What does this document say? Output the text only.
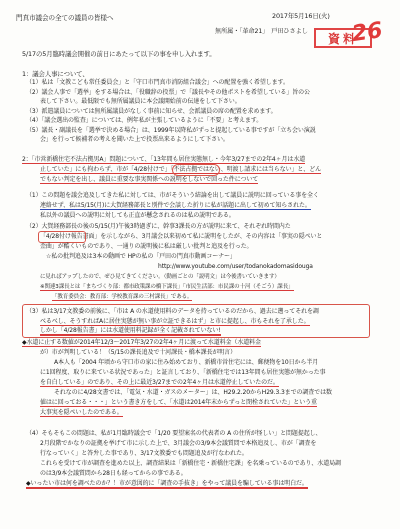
門真市議会の全ての議員の皆様へ	2017年5月16日(火)
無所属・「革命21」　戸田ひさよし
資料
26
5/17の5月臨時議会開催の前日にあたって以下の事を申し入れます。
1：議会人事について、
（1）私は「文教こども常任委員会」と「守口市門真市消防組合議会」への配置を強く希望します。
（2）議会人事で「選挙」をする場合は、「役職辞の投票」で「議長やその他ポストを希望している」旨の公
表して下さい。最低限でも無所属議員に本会議開始前の伝達をして下さい。
（3）派遣議員については無所属議員がなしく事前に知らせ、会派議員の席の配置を求めます。
（4）「議会選出の監査」については、例年私が主張しているように「不要」と考えます。
（5）議長・副議長を「選挙で決める場合」は、1999年以降私がずっと提起している事ですが「立ち会い演説
会」を行って候補者の考えを聞いた上で投票出来るようにして下さい。
2：「市営新橋住宅不法占拠男A」問題について、「13年間も居住実態無し・今年3/27までの2年4ヶ月は水道
止していた」にも拘わらず、市が「4/28付けで」「不法占拠ではない、明渡し請求には当らない」と、どん
でもない判定を出し、議員に重要な事実関係への説明をしないで回った件について
（1）この問題を議会追及してきた私に対しては、市がそういう結論を出して議員に説明に回っている事を全く
連絡せず、私は5/15(月)に大賀経務部長と別件で会談した折りに私が話題に出して初めて知らされた。
私以外の議員への説明に対しても正直が懸念されるのは私の説明である。
（2）大賀経務部長の後の5/15(月)午後3時過ぎに、幹事3課長の方が説明に来て、それぞれ時間内た
「4/28付け報告書面」を示しながら、3月議会以来初めて私に説明をしたが、その内容は「事実の隠ぺいと
歪曲」が酷くいものであり、一通りの説明後に私は厳しい批判と追及を行った。
☆私の批判追及は3本の動画で HPの私の「戸田の門真市動画コーナー」
http://www.youtube.com/user/todanokadomasidouga
に見ればアップしたので、ぜひ見てきてください。（動画ごとの「説明文」は今後書いていきます）
※関連3課長とは「まちづくり部：都市政策課の橋下課長」「市民生活部：市民課の十河（そごう）課長」
「教育委員会：教育部：学校教育課の三村課長」である。
（3）私は3/17文教委の前後に、「市は A の水道使用料のデータを持っているのだから、過去に遡ってそれを調
べるべし、そうすればAに居住実態が無い事が立証できるはず」と市に提起し、市もそれを了承した。
しかし「4/28報告書」には水道使用料記録が全く記載されていない!
◆水道に止する数値が2014年12/3〜2017年3/27の2年4ヶ月に渡って水道料金（水道料金
が）市が判明している！（5/15の課長追及で十河課長・橋本課長が明言）
A本人も「2004 年頃から守口市の家に住み始めており、新橋市営住宅には、郵便物を10日から半月
に1回程度、取りに来ている状況であった」と証言しており、「新橋住宅では13年間も居住実態が無かった事
を自白している」のであり、その上に最近3/27までの2年4ヶ月は水道停止していたのだ。
それなのに4/28文書では、「電気・水道・ガスのメーター」は、H29.2.20からH29.3.3までの調査では数
値はに回っておる・・・」という書き方をして、「水道は2014年末からずっと閉栓されていた」という重
大事実を隠ぺいしたのである。
（4）そもそもこの問題は、私が1月臨時議会で「1/20 要望案名の代表者の A の住所が怪しい」と問題提起し、
2月段階でかなりの証拠を挙げて市に示した上で、3月議会の3/9本会議質問で本格追及し、市が「調査を
行なっていく」と答弁した事であり、3/17文教委でも問題追及が行なわれた。
これらを受けて市が調査を進めた以上、調査結果は「新橋住宅・新橋住宅課」を名乗っているのであり、水道局調
のは3/9本会議質問から28日も経ってからの事である。
◆いったい市は何を調べたのか？！市が意図的に「調査の手抜き」をやって議員を騙している事は明白だ。
